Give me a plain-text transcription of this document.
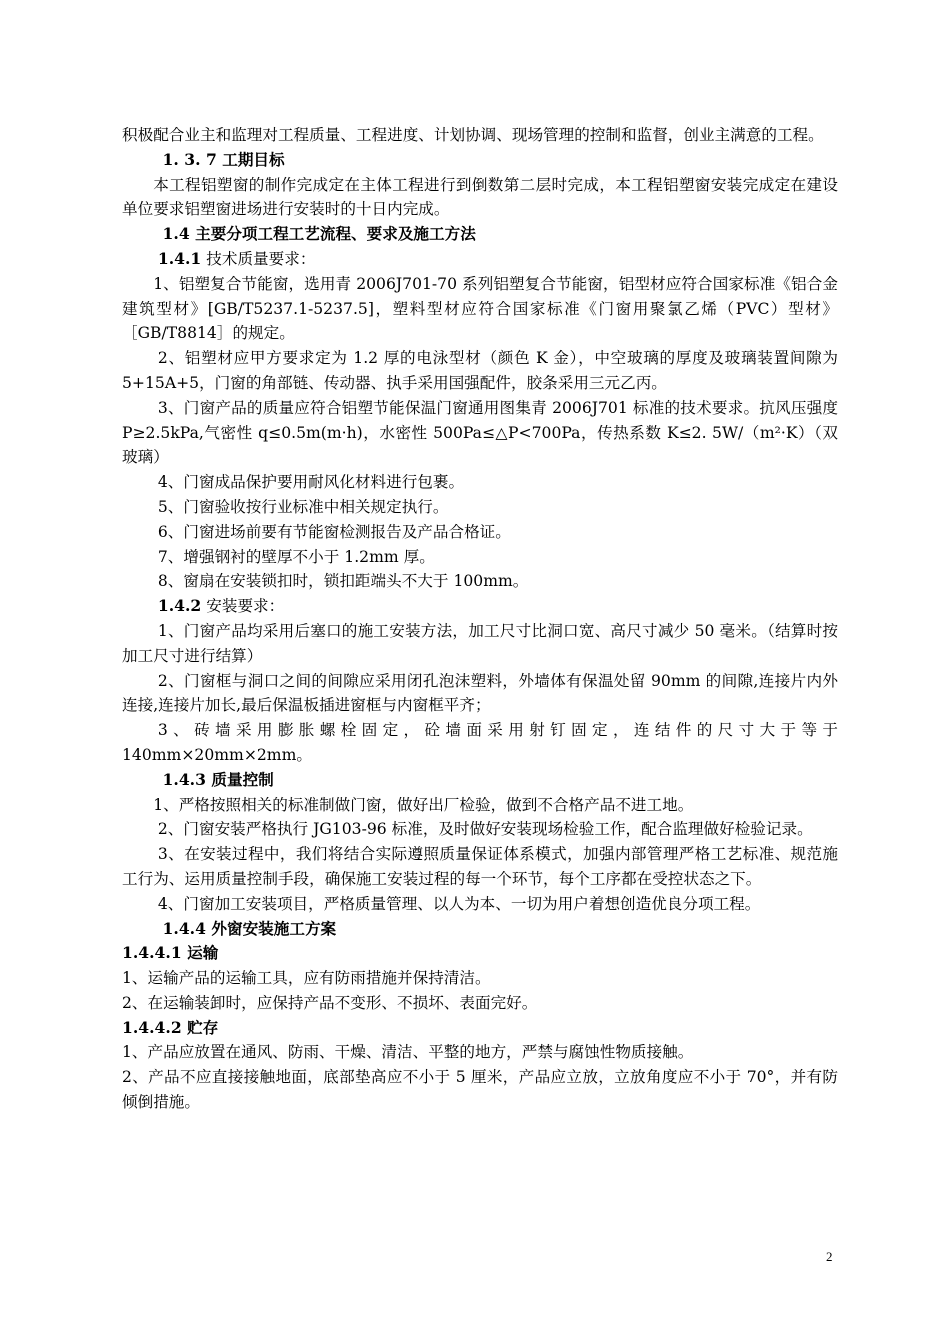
积极配合业主和监理对工程质量、工程进度、计划协调、现场管理的控制和监督，创业主满意的工程。

1. 3. 7 工期目标

本工程铝塑窗的制作完成定在主体工程进行到倒数第二层时完成，本工程铝塑窗安装完成定在建设单位要求铝塑窗进场进行安装时的十日内完成。

1.4 主要分项工程工艺流程、要求及施工方法

1.4.1 技术质量要求：

1、铝塑复合节能窗，选用青 2006J701-70 系列铝塑复合节能窗，铝型材应符合国家标准《铝合金建筑型材》[GB/T5237.1-5237.5]，塑料型材应符合国家标准《门窗用聚氯乙烯（PVC）型材》［GB/T8814］的规定。

2、铝塑材应甲方要求定为 1.2 厚的电泳型材（颜色 K 金），中空玻璃的厚度及玻璃装置间隙为 5+15A+5，门窗的角部链、传动器、执手采用国强配件，胶条采用三元乙丙。

3、门窗产品的质量应符合铝塑节能保温门窗通用图集青 2006J701 标准的技术要求。抗风压强度 P≥2.5kPa,气密性 q≤0.5m(m·h)，水密性 500Pa≤△P<700Pa，传热系数 K≤2. 5W/（m²·K）（双玻璃）

4、门窗成品保护要用耐风化材料进行包裹。

5、门窗验收按行业标准中相关规定执行。

6、门窗进场前要有节能窗检测报告及产品合格证。

7、增强钢衬的壁厚不小于 1.2mm 厚。

8、窗扇在安装锁扣时，锁扣距端头不大于 100mm。

1.4.2 安装要求：

1、门窗产品均采用后塞口的施工安装方法，加工尺寸比洞口宽、高尺寸减少 50 毫米。（结算时按加工尺寸进行结算）

2、门窗框与洞口之间的间隙应采用闭孔泡沫塑料，外墙体有保温处留 90mm 的间隙,连接片内外连接,连接片加长,最后保温板插进窗框与内窗框平齐；

3、砖墙采用膨胀螺栓固定，砼墙面采用射钉固定，连结件的尺寸大于等于 140mm×20mm×2mm。

1.4.3 质量控制

1、严格按照相关的标准制做门窗，做好出厂检验，做到不合格产品不进工地。

2、门窗安装严格执行 JG103-96 标准，及时做好安装现场检验工作，配合监理做好检验记录。

3、在安装过程中，我们将结合实际遵照质量保证体系模式，加强内部管理严格工艺标准、规范施工行为、运用质量控制手段，确保施工安装过程的每一个环节，每个工序都在受控状态之下。

4、门窗加工安装项目，严格质量管理、以人为本、一切为用户着想创造优良分项工程。

1.4.4 外窗安装施工方案

1.4.4.1 运输

1、运输产品的运输工具，应有防雨措施并保持清洁。

2、在运输装卸时，应保持产品不变形、不损坏、表面完好。

1.4.4.2 贮存

1、产品应放置在通风、防雨、干燥、清洁、平整的地方，严禁与腐蚀性物质接触。

2、产品不应直接接触地面，底部垫高应不小于 5 厘米，产品应立放，立放角度应不小于 70°，并有防倾倒措施。

2
